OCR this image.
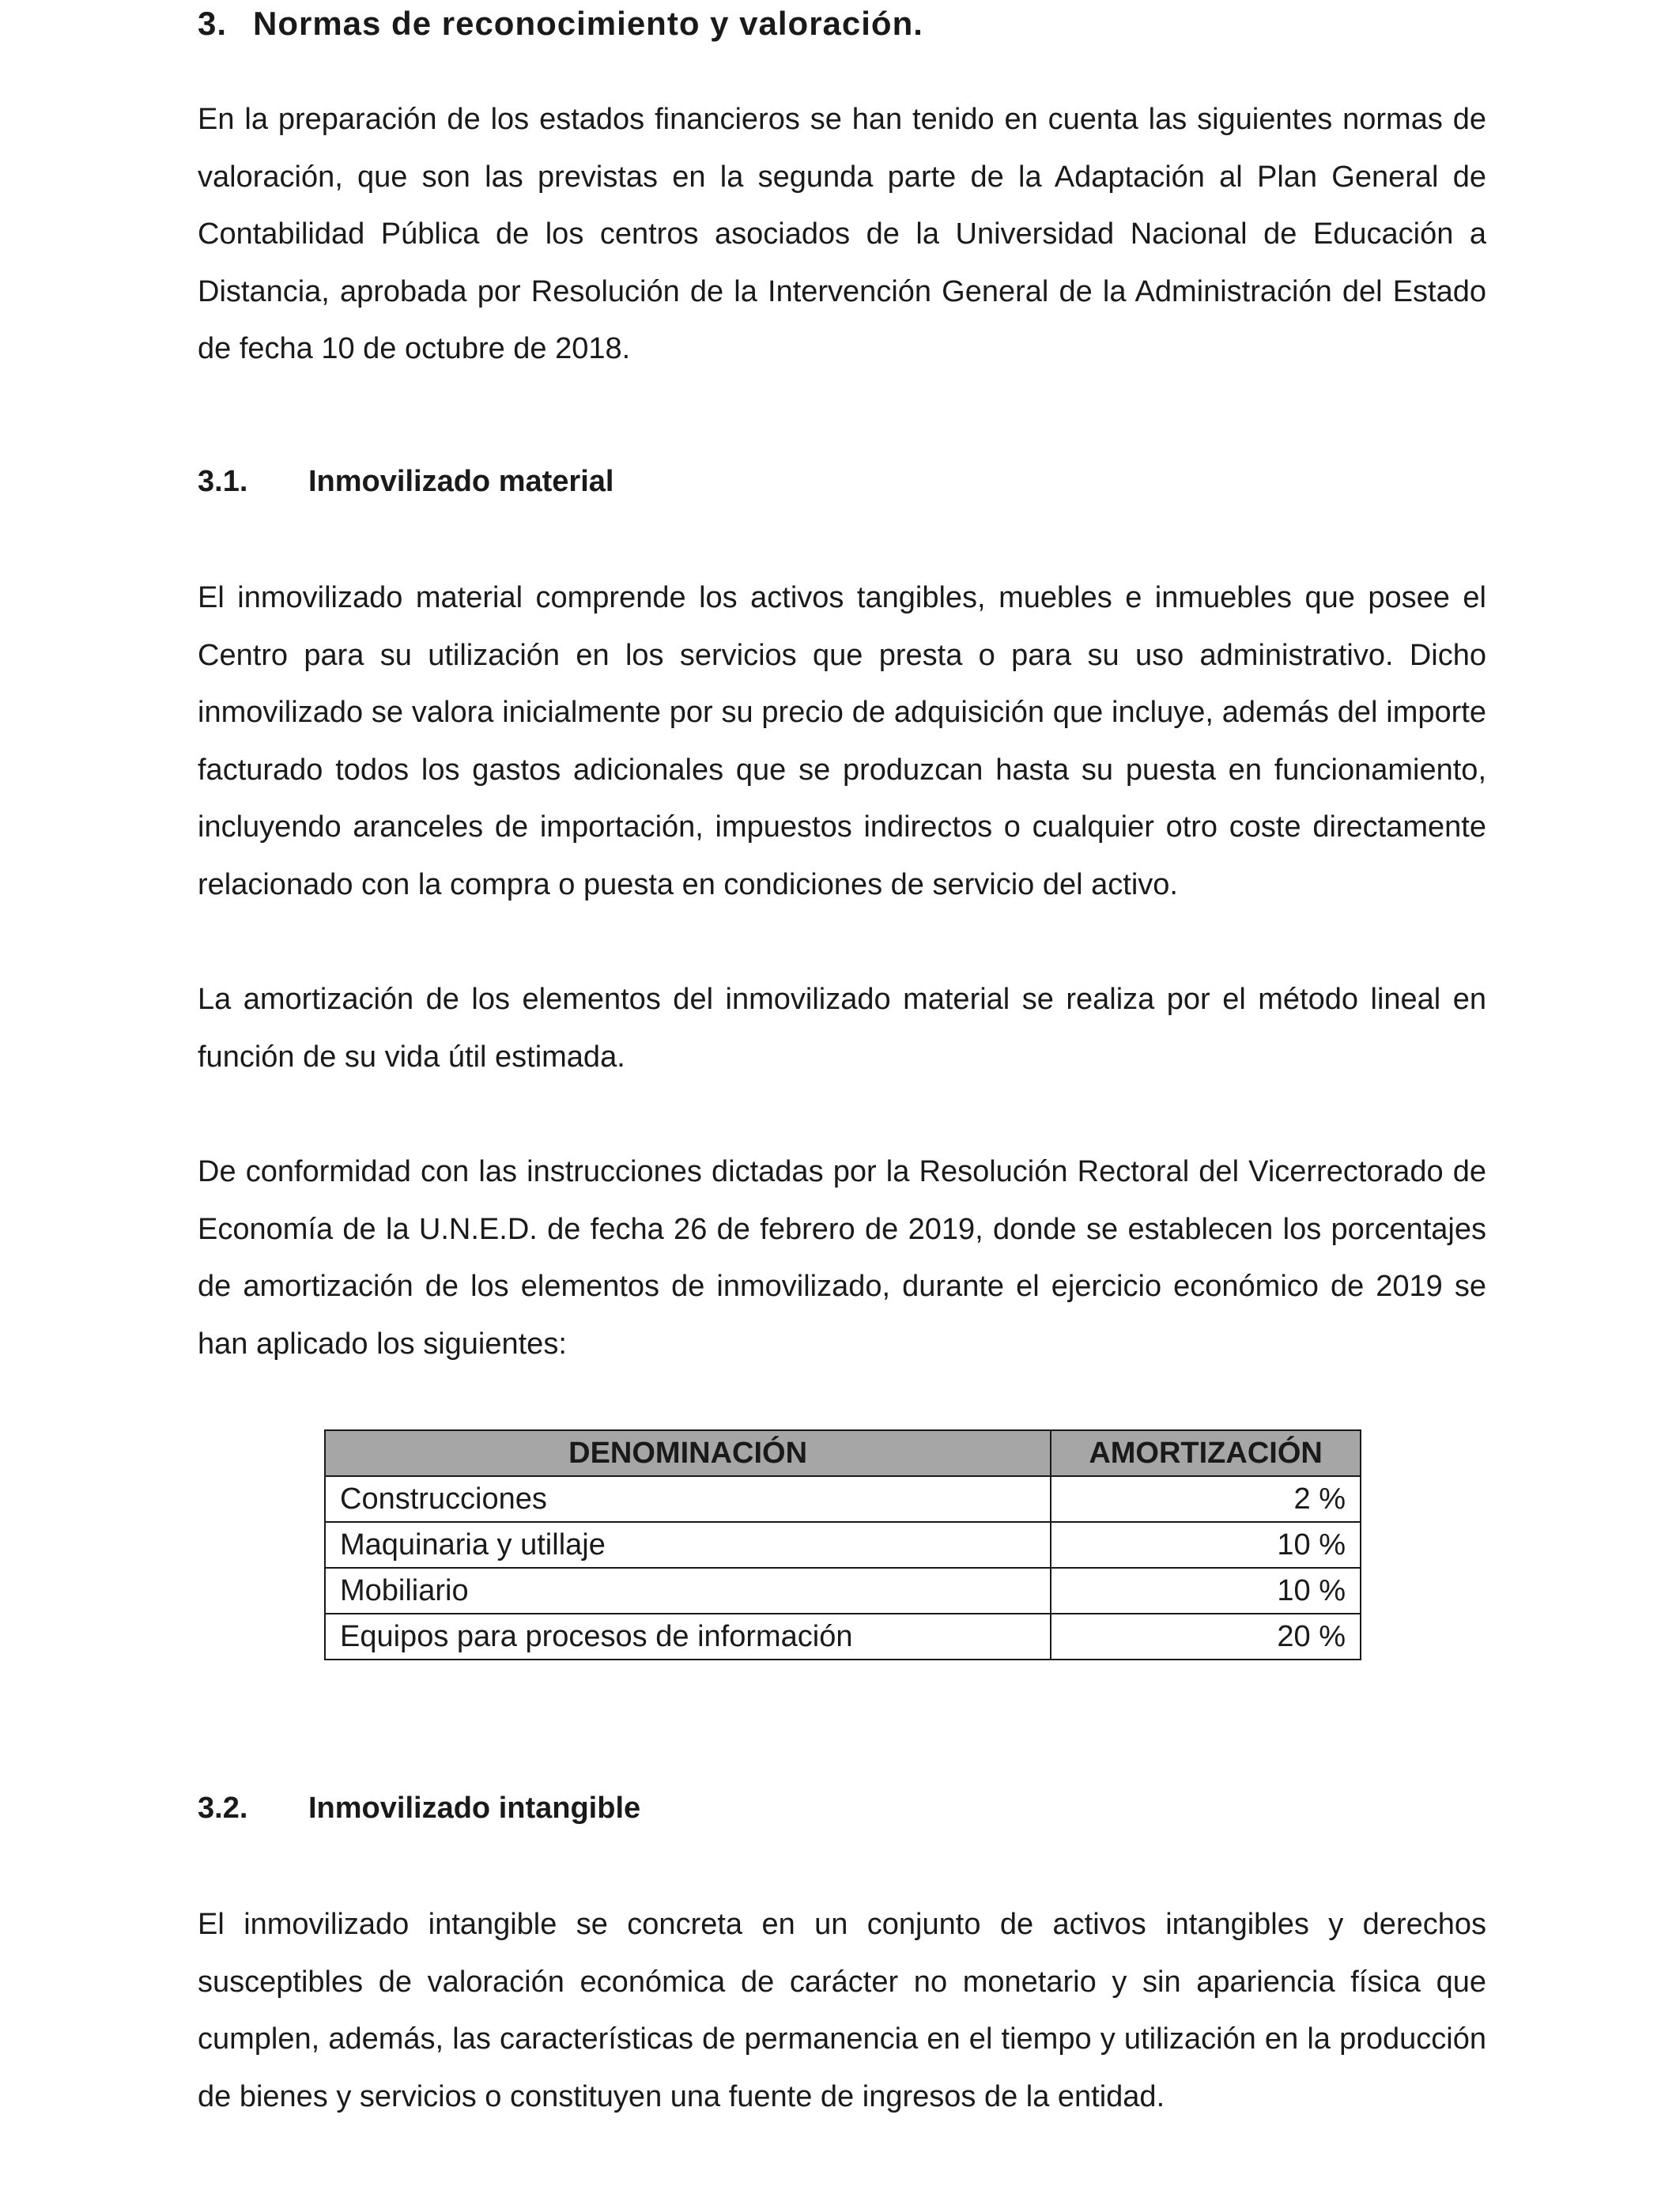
3. Normas de reconocimiento y valoración.

En la preparación de los estados financieros se han tenido en cuenta las siguientes normas de valoración, que son las previstas en la segunda parte de la Adaptación al Plan General de Contabilidad Pública de los centros asociados de la Universidad Nacional de Educación a Distancia, aprobada por Resolución de la Intervención General de la Administración del Estado de fecha 10 de octubre de 2018.

3.1. Inmovilizado material

El inmovilizado material comprende los activos tangibles, muebles e inmuebles que posee el Centro para su utilización en los servicios que presta o para su uso administrativo. Dicho inmovilizado se valora inicialmente por su precio de adquisición que incluye, además del importe facturado todos los gastos adicionales que se produzcan hasta su puesta en funcionamiento, incluyendo aranceles de importación, impuestos indirectos o cualquier otro coste directamente relacionado con la compra o puesta en condiciones de servicio del activo.

La amortización de los elementos del inmovilizado material se realiza por el método lineal en función de su vida útil estimada.

De conformidad con las instrucciones dictadas por la Resolución Rectoral del Vicerrectorado de Economía de la U.N.E.D. de fecha 26 de febrero de 2019, donde se establecen los porcentajes de amortización de los elementos de inmovilizado, durante el ejercicio económico de 2019 se han aplicado los siguientes:

DENOMINACIÓN	AMORTIZACIÓN
Construcciones	2 %
Maquinaria y utillaje	10 %
Mobiliario	10 %
Equipos para procesos de información	20 %
3.2. Inmovilizado intangible

El inmovilizado intangible se concreta en un conjunto de activos intangibles y derechos susceptibles de valoración económica de carácter no monetario y sin apariencia física que cumplen, además, las características de permanencia en el tiempo y utilización en la producción de bienes y servicios o constituyen una fuente de ingresos de la entidad.
